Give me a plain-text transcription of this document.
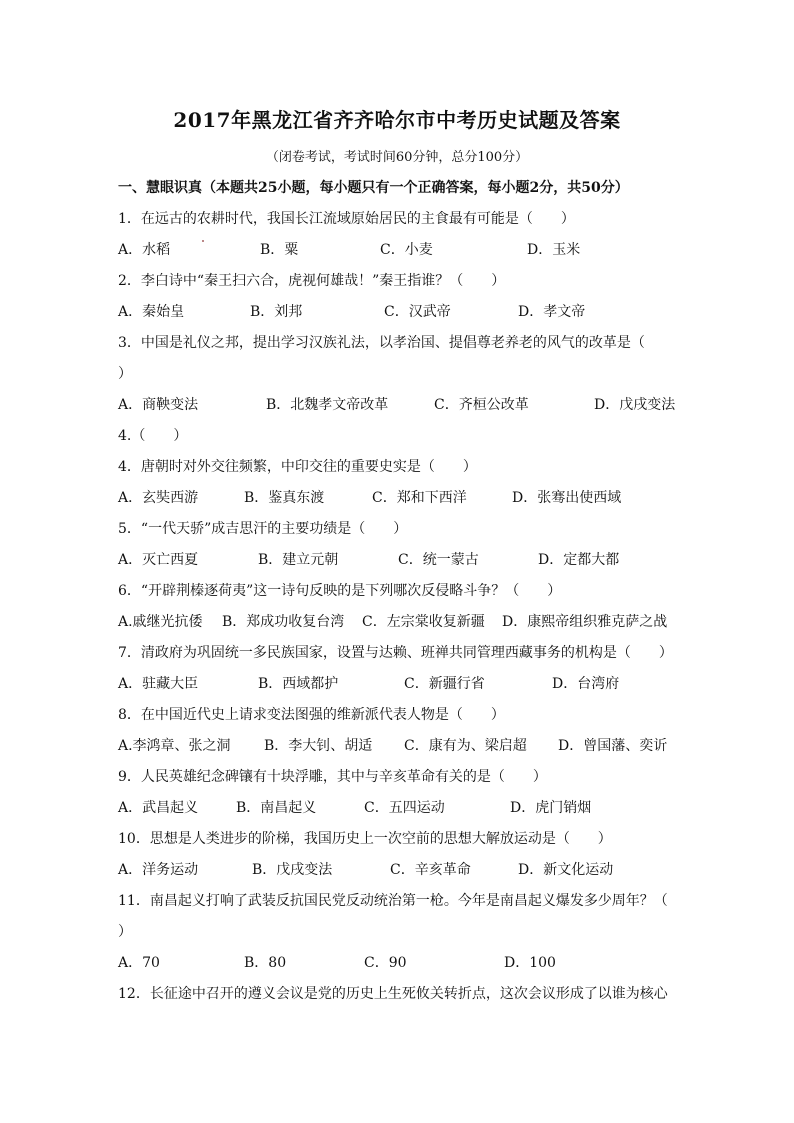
2017年黑龙江省齐齐哈尔市中考历史试题及答案
（闭卷考试，考试时间60分钟，总分100分）
一、慧眼识真（本题共25小题，每小题只有一个正确答案，每小题2分，共50分）
1．在远古的农耕时代，我国长江流域原始居民的主食最有可能是（　　）
A．水稻	B．粟	C．小麦	D．玉米
2．李白诗中“秦王扫六合，虎视何雄哉！”秦王指谁？（　　）
A．秦始皇	B．刘邦	C．汉武帝	D．孝文帝
3．中国是礼仪之邦，提出学习汉族礼法，以孝治国、提倡尊老养老的风气的改革是（
）
A．商鞅变法	B．北魏孝文帝改革	C．齐桓公改革	D．戊戌变法
4.（　　）
4．唐朝时对外交往频繁，中印交往的重要史实是（　　）
A．玄奘西游	B．鉴真东渡	C．郑和下西洋	D．张骞出使西域
5．“一代天骄”成吉思汗的主要功绩是（　　）
A．灭亡西夏	B．建立元朝	C．统一蒙古	D．定都大都
6．“开辟荆榛逐荷夷”这一诗句反映的是下列哪次反侵略斗争？（　　）
A.戚继光抗倭 B．郑成功收复台湾 C．左宗棠收复新疆 D．康熙帝组织雅克萨之战
7．清政府为巩固统一多民族国家，设置与达赖、班禅共同管理西藏事务的机构是（　　）
A．驻藏大臣	B．西域都护	C．新疆行省	D．台湾府
8．在中国近代史上请求变法图强的维新派代表人物是（　　）
A.李鸿章、张之洞 B．李大钊、胡适 C．康有为、梁启超 D．曾国藩、奕䜣
9．人民英雄纪念碑镶有十块浮雕，其中与辛亥革命有关的是（　　）
A．武昌起义	B．南昌起义	C．五四运动	D．虎门销烟
10．思想是人类进步的阶梯，我国历史上一次空前的思想大解放运动是（　　）
A．洋务运动	B．戊戌变法	C．辛亥革命	D．新文化运动
11．南昌起义打响了武装反抗国民党反动统治第一枪。今年是南昌起义爆发多少周年？（
）
A．70	B．80	C．90	D．100
12．长征途中召开的遵义会议是党的历史上生死攸关转折点，这次会议形成了以谁为核心
